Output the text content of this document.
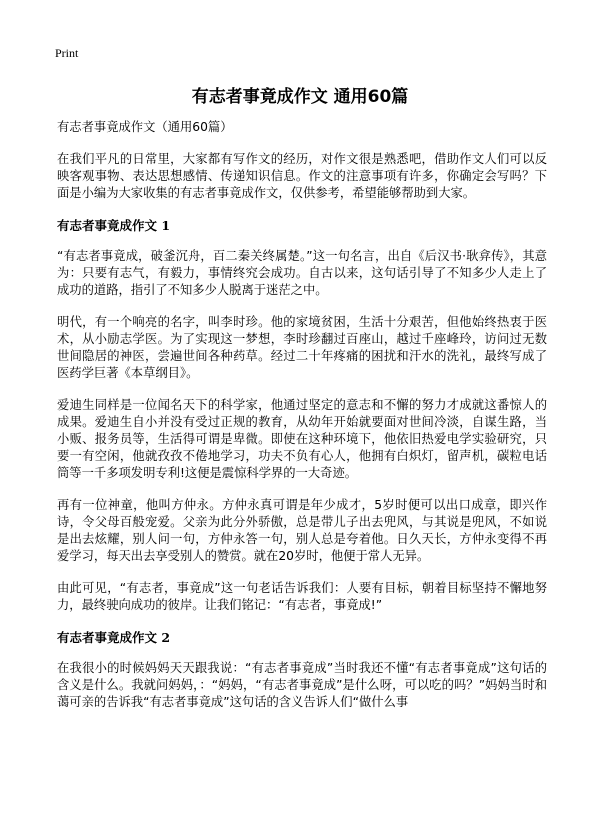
Print
有志者事竟成作文 通用60篇

有志者事竟成作文（通用60篇）

在我们平凡的日常里，大家都有写作文的经历，对作文很是熟悉吧，借助作文人们可以反映客观事物、表达思想感情、传递知识信息。作文的注意事项有许多，你确定会写吗？下面是小编为大家收集的有志者事竟成作文，仅供参考，希望能够帮助到大家。

有志者事竟成作文 1

“有志者事竟成，破釜沉舟，百二秦关终属楚。”这一句名言，出自《后汉书·耿弇传》，其意为：只要有志气，有毅力，事情终究会成功。自古以来，这句话引导了不知多少人走上了成功的道路，指引了不知多少人脱离于迷茫之中。

明代，有一个响亮的名字，叫李时珍。他的家境贫困，生活十分艰苦，但他始终热衷于医术，从小励志学医。为了实现这一梦想，李时珍翻过百座山，越过千座峰玲，访问过无数世间隐居的神医，尝遍世间各种药草。经过二十年疼痛的困扰和汗水的洗礼，最终写成了医药学巨著《本草纲目》。

爱迪生同样是一位闻名天下的科学家，他通过坚定的意志和不懈的努力才成就这番惊人的成果。爱迪生自小并没有受过正规的教育，从幼年开始就要面对世间冷淡，自谋生路，当小贩、报务员等，生活得可谓是卑微。即使在这种环境下，他依旧热爱电学实验研究，只要一有空闲，他就孜孜不倦地学习，功夫不负有心人，他拥有白炽灯，留声机，碳粒电话筒等一千多项发明专利!这便是震惊科学界的一大奇迹。

再有一位神童，他叫方仲永。方仲永真可谓是年少成才，5岁时便可以出口成章，即兴作诗，令父母百般宠爱。父亲为此分外骄傲，总是带儿子出去兜风，与其说是兜风，不如说是出去炫耀，别人问一句，方仲永答一句，别人总是夸着他。日久天长，方仲永变得不再爱学习，每天出去享受别人的赞赏。就在20岁时，他便于常人无异。

由此可见，“有志者，事竟成”这一句老话告诉我们：人要有目标，朝着目标坚持不懈地努力，最终驶向成功的彼岸。让我们铭记：“有志者，事竟成!”

有志者事竟成作文 2

在我很小的时候妈妈天天跟我说：“有志者事竟成”当时我还不懂“有志者事竟成”这句话的含义是什么。我就问妈妈，：“妈妈，“有志者事竟成”是什么呀，可以吃的吗？”妈妈当时和蔼可亲的告诉我“有志者事竟成”这句话的含义告诉人们“做什么事
